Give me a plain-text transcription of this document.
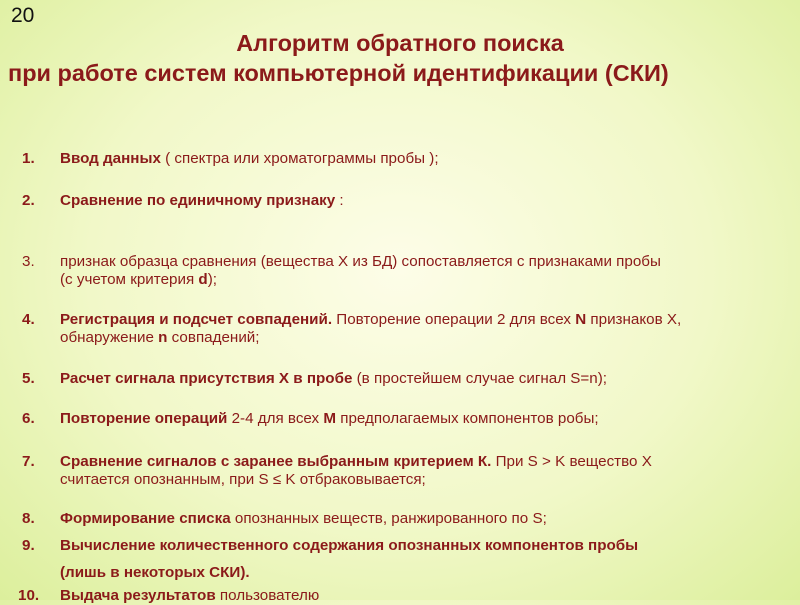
20
Алгоритм обратного поиска
при работе систем компьютерной идентификации (СКИ)
1.	Ввод данных ( спектра или хроматограммы пробы );
2.	Сравнение по единичному признаку :
3.	признак образца сравнения (вещества Х из БД) сопоставляется с признаками пробы
(с учетом критерия d);
4.	Регистрация и подсчет совпадений. Повторение операции 2 для всех N признаков Х,
обнаружение n совпадений;
5.	Расчет сигнала присутствия Х в пробе (в простейшем случае сигнал S=n);
6.	Повторение операций 2-4 для всех М предполагаемых компонентов робы;
7.	Сравнение сигналов с заранее выбранным критерием К. При S > K вещество Х
считается опознанным, при S ≤ K отбраковывается;
8.	Формирование списка опознанных веществ, ранжированного по S;
9.	Вычисление количественного содержания опознанных компонентов пробы
(лишь в некоторых СКИ).
10.	Выдача результатов пользователю
